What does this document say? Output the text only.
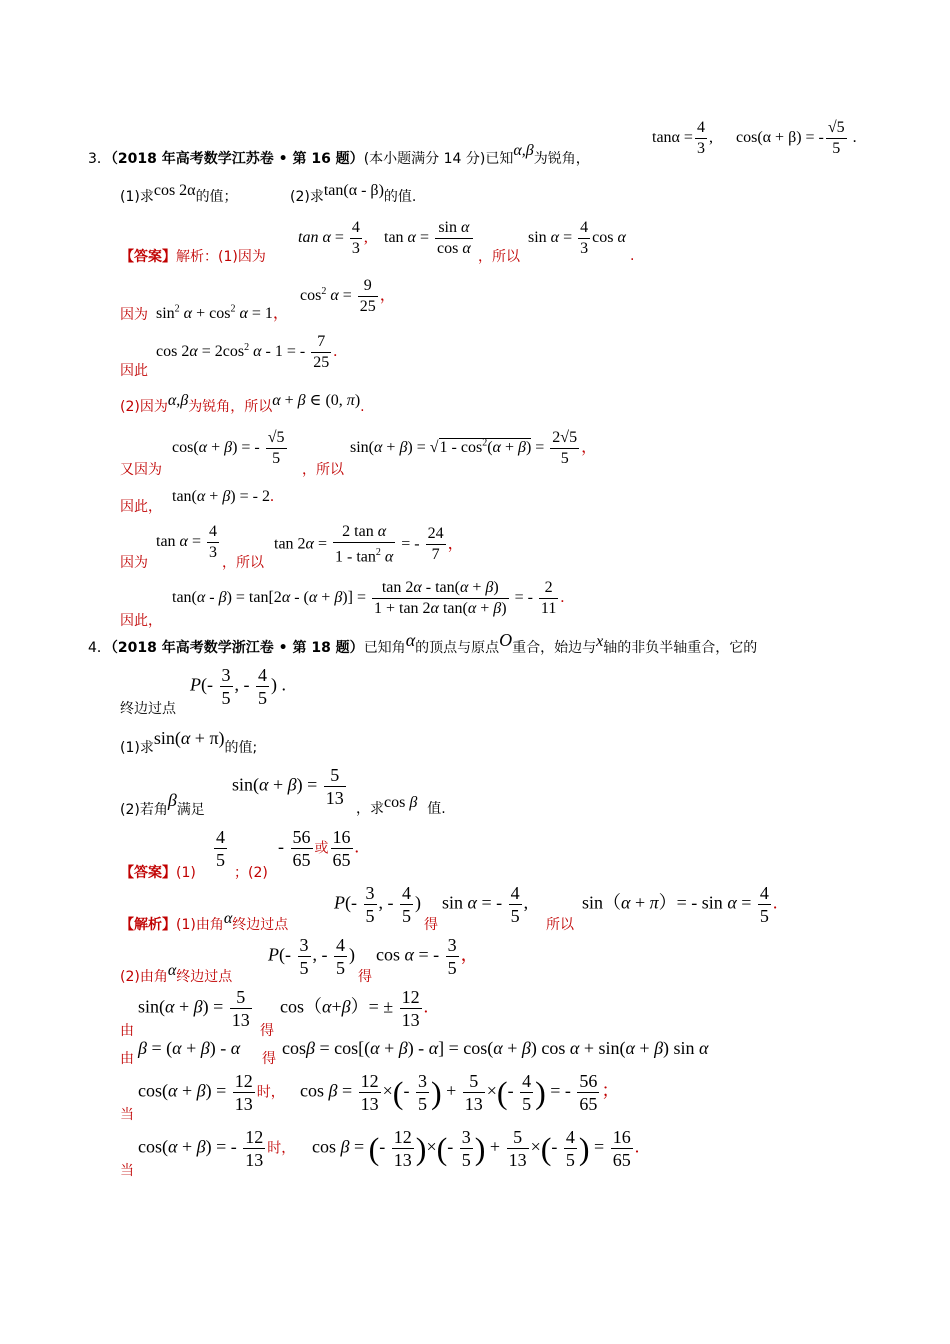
3．（2018 年高考数学江苏卷 • 第 16 题）(本小题满分 14 分)已知α,β为锐角，
$\tan\alpha = \frac{4}{3}$ , cos(α + β) = - $\frac{√5}{5}$ .
(1)求cos 2α的值；	(2)求tan(α - β)的值.
【答案】解析：(1)因为
$\tan \alpha = \frac{4}{3}$ , $\tan \alpha = \frac{\text{sin α}}{\text{cos α}}$ ，所以
$\sin \alpha = \frac{4}{3}$ cos α
.
因为 $\sin^2 \alpha + \cos^2 \alpha = 1$，
$\cos^2 \alpha = \frac{9}{25}$ ，
因此
$\cos 2\alpha = 2\cos^2$ α - 1 = - $\frac{7}{25}$ .
(2)因为α,β为锐角，所以α + β ∈ (0, π).
又因为
cos(α + β) = - $\frac{√5}{5}$
，所以
$\sin(\alpha + \beta) = √1 - \cos^2(\alpha + \beta) = \frac{2√5}{5}$ ，
因此，
tan(α + β) = - 2.
因为
$\tan \alpha = \frac{4}{3}$ ，所以
$\tan 2\alpha = \frac{\text{2 tan α}}{1 - \tan^2 \alpha}$ = - $\frac{24}{7}$ ，
因此，
$\tan(\alpha - \beta) = \tan[2\alpha - (\alpha + \beta)] = \frac{\tan 2\alpha - \tan(\alpha + \beta)}{\text{1 + tan 2α tan(α + β)}}$ = - $\frac{2}{11}$ .
4．（2018 年高考数学浙江卷 • 第 18 题）已知角α的顶点与原点O重合，始边与x轴的非负半轴重合，它的
终边过点
$P(- \frac{3}{5}$ , - $\frac{4}{5}$ ) .
(1)求sin(α + π)的值;
(2)若角β满足
$\sin(\alpha + \beta) = \frac{5}{13}$ ，求cos β 值.
【答案】(1)
$\frac{4}{5}$
；(2)
- $\frac{56}{65}$ 或 $\frac{16}{65}$ .
【解析】(1)由角α终边过点
$P(- \frac{3}{5}$ , - $\frac{4}{5}$ )
得
sin α = - $\frac{4}{5}$ ,
所以
$\sin(\alpha + \pi)= - \sin \alpha = \frac{4}{5}$ .
(2)由角α终边过点
$P(- \frac{3}{5}$ , - $\frac{4}{5}$ )
得
cos α = - $\frac{3}{5}$ ，
由
$\sin(\alpha + \beta) = \frac{5}{13}$ 得
$\cos(\alpha+\beta)= \pm \frac{12}{13}$ .
由
β = (α + β) - α
得
cosβ = cos[(α + β) - α] = cos(α + β) cos α + sin(α + β) sin α
当
$\cos(\alpha + \beta) = \frac{12}{13}$ 时， $\cos \beta = \frac{12}{13}$ ×(- $\frac{3}{5}$ ) + $\frac{5}{13}$ ×(- $\frac{4}{5}$ ) = - $\frac{56}{65}$ ；
当
cos(α + β) = - $\frac{12}{13}$ 时， cos β = (- $\frac{12}{13}$ )×(- $\frac{3}{5}$ ) + $\frac{5}{13}$ ×(- $\frac{4}{5}$ ) = $\frac{16}{65}$ .
